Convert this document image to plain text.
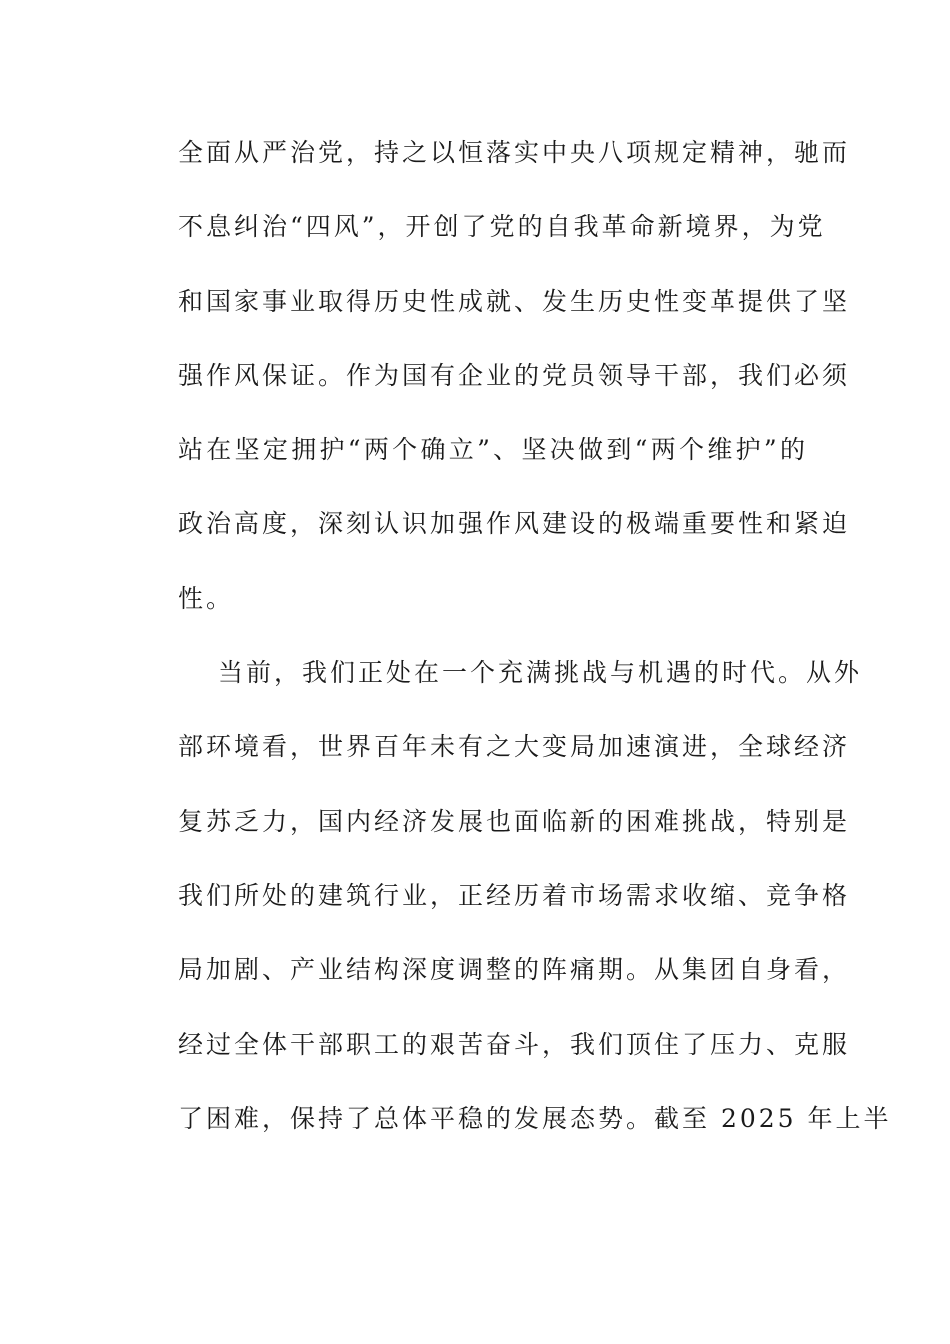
全面从严治党，持之以恒落实中央八项规定精神，驰而
不息纠治“四风”，开创了党的自我革命新境界，为党
和国家事业取得历史性成就、发生历史性变革提供了坚
强作风保证。作为国有企业的党员领导干部，我们必须
站在坚定拥护“两个确立”、坚决做到“两个维护”的
政治高度，深刻认识加强作风建设的极端重要性和紧迫
性。
当前，我们正处在一个充满挑战与机遇的时代。从外
部环境看，世界百年未有之大变局加速演进，全球经济
复苏乏力，国内经济发展也面临新的困难挑战，特别是
我们所处的建筑行业，正经历着市场需求收缩、竞争格
局加剧、产业结构深度调整的阵痛期。从集团自身看，
经过全体干部职工的艰苦奋斗，我们顶住了压力、克服
了困难，保持了总体平稳的发展态势。截至 2025 年上半
